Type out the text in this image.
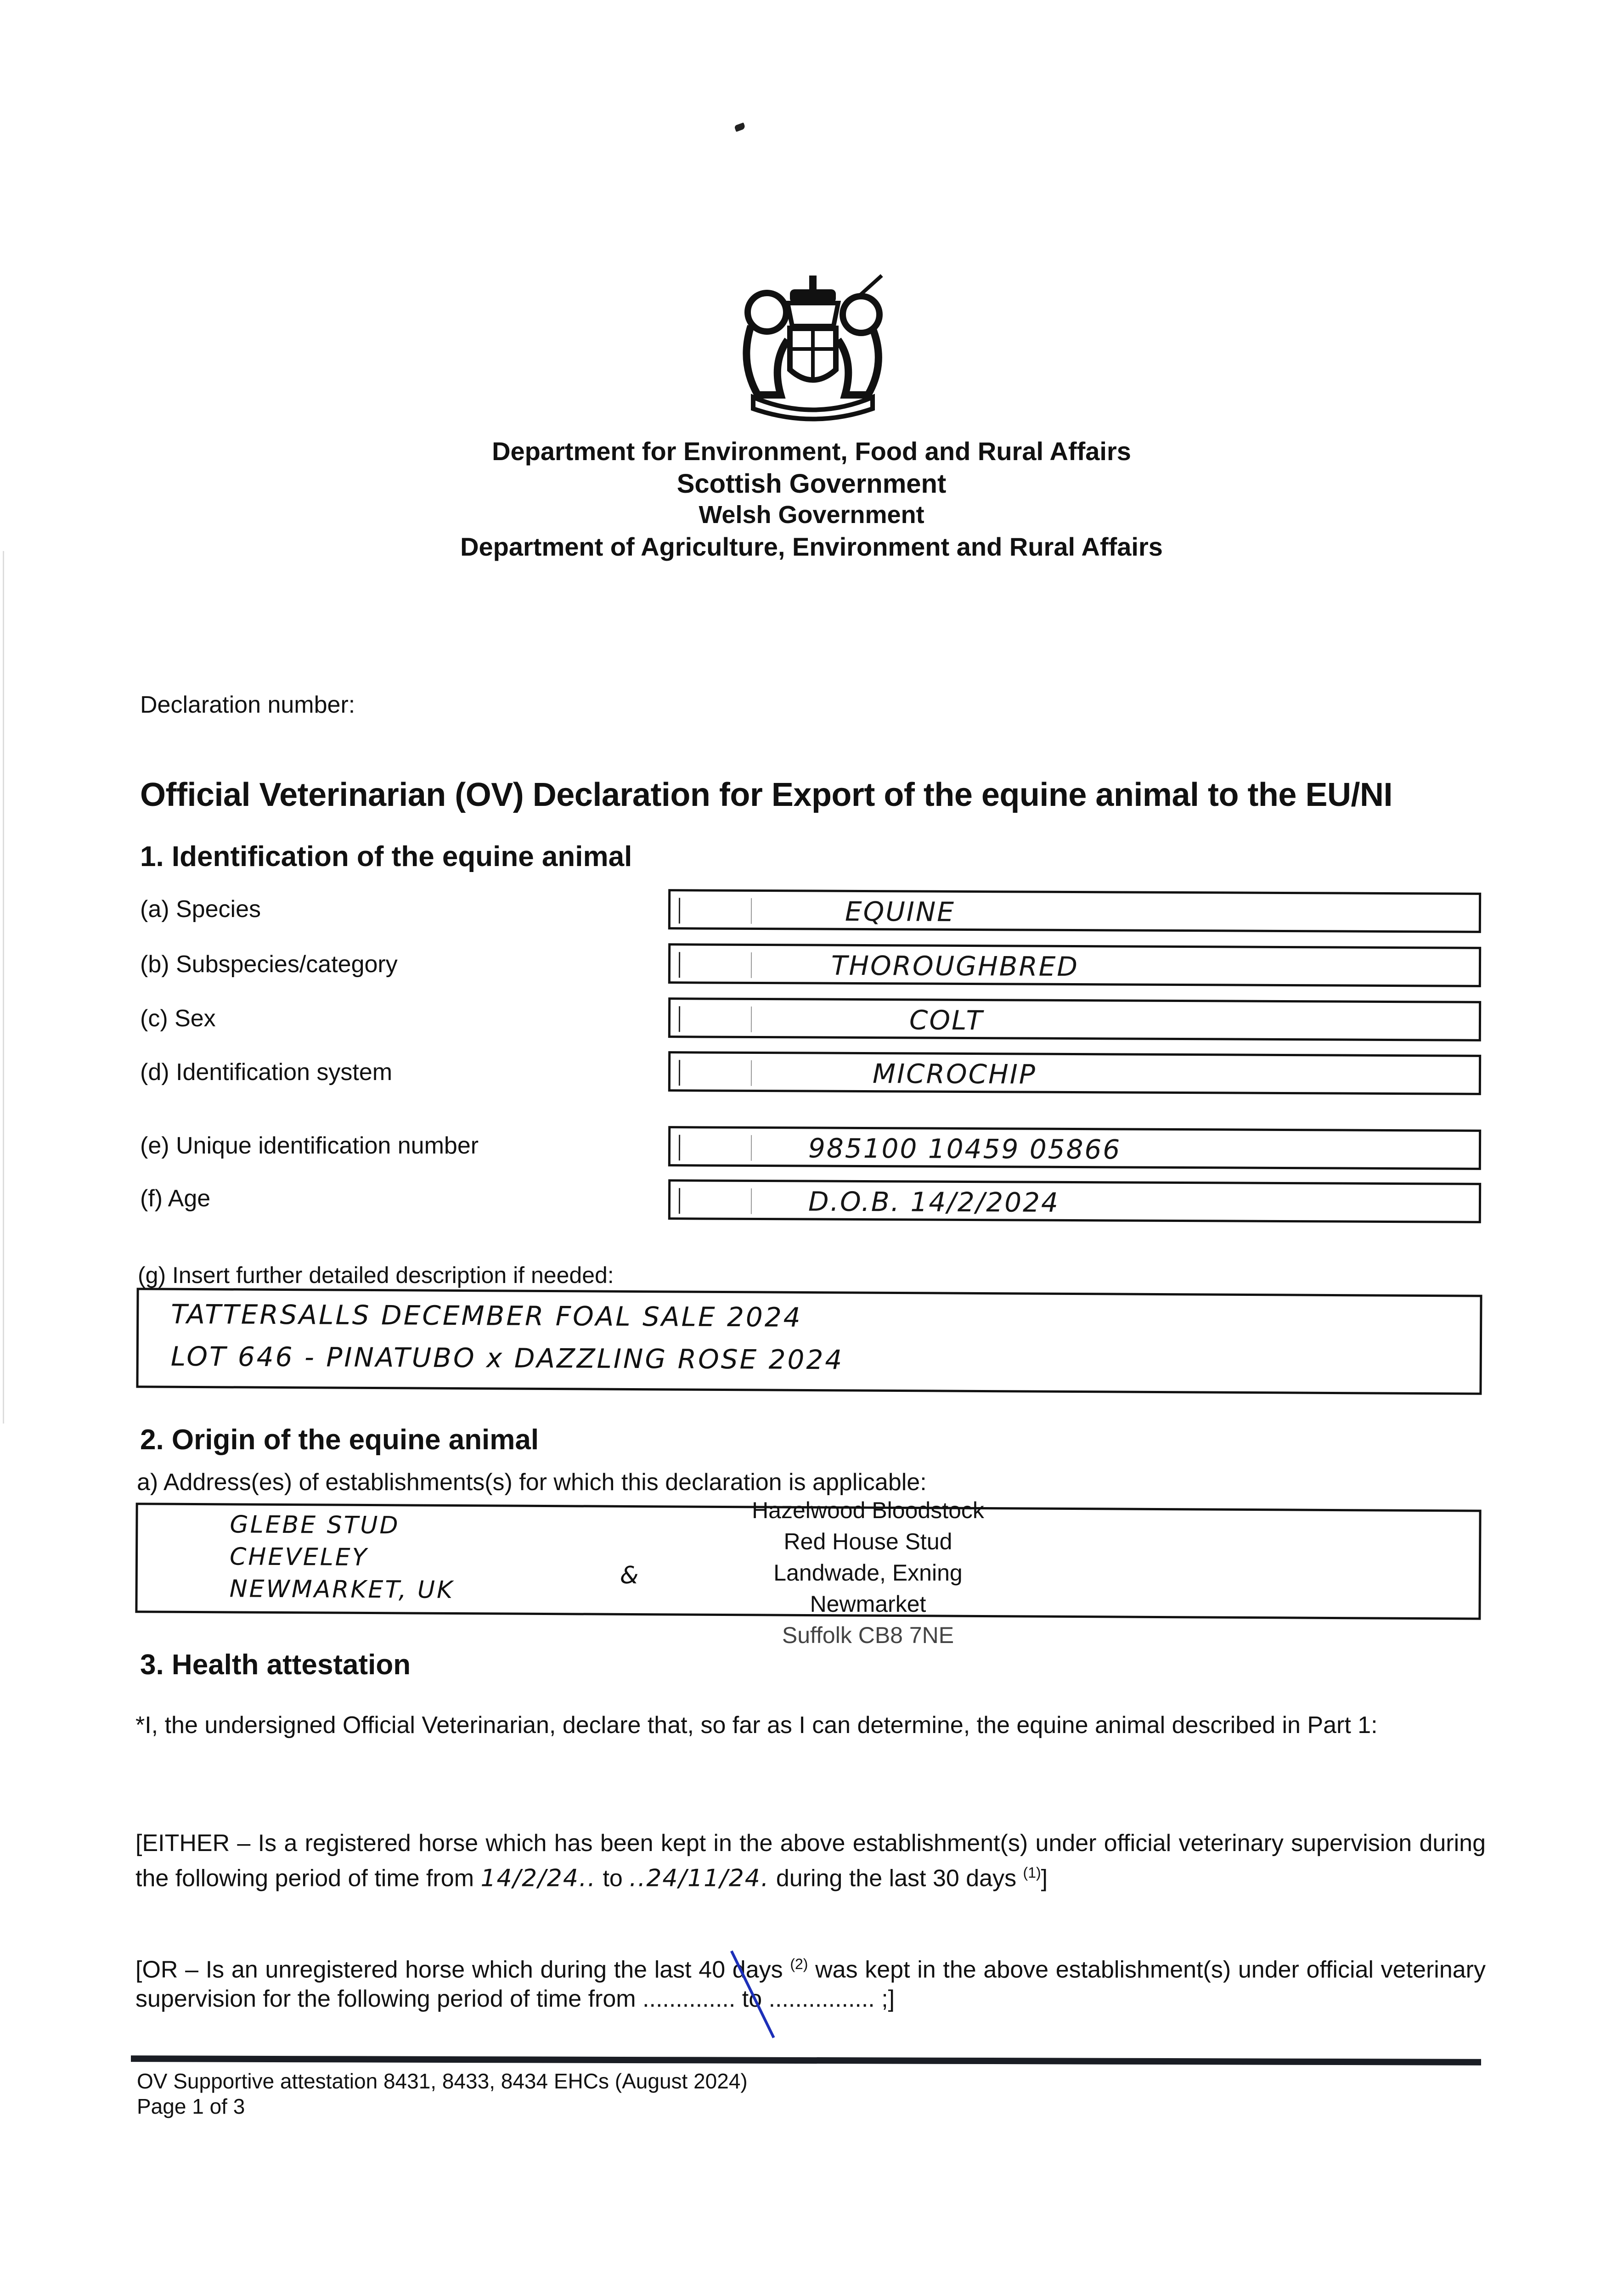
Department for Environment, Food and Rural Affairs
Scottish Government
Welsh Government
Department of Agriculture, Environment and Rural Affairs
Declaration number:
Official Veterinarian (OV) Declaration for Export of the equine animal to the EU/NI
1. Identification of the equine animal
(a) Species	EQUINE
(b) Subspecies/category	THOROUGHBRED
(c) Sex	COLT
(d) Identification system	MICROCHIP
(e) Unique identification number	985100 10459 05866
(f) Age	D.O.B. 14/2/2024
(g) Insert further detailed description if needed:
TATTERSALLS DECEMBER FOAL SALE 2024
LOT 646 - PINATUBO x DAZZLING ROSE 2024
2. Origin of the equine animal
a) Address(es) of establishments(s) for which this declaration is applicable:
GLEBE STUD
CHEVELEY
NEWMARKET, UK	&
Hazelwood Bloodstock
Red House Stud
Landwade, Exning
Newmarket
Suffolk CB8 7NE
3. Health attestation
*I, the undersigned Official Veterinarian, declare that, so far as I can determine, the equine animal described in Part 1:
[EITHER – Is a registered horse which has been kept in the above establishment(s) under official veterinary supervision during the following period of time from 14/2/24.. to ..24/11/24. during the last 30 days $^{(1)}$]
[OR – Is an unregistered horse which during the last 40 days $^{(2)}$ was kept in the above establishment(s) under official veterinary supervision for the following period of time from .............. to ................ ;]
OV Supportive attestation 8431, 8433, 8434 EHCs (August 2024)
Page 1 of 3
